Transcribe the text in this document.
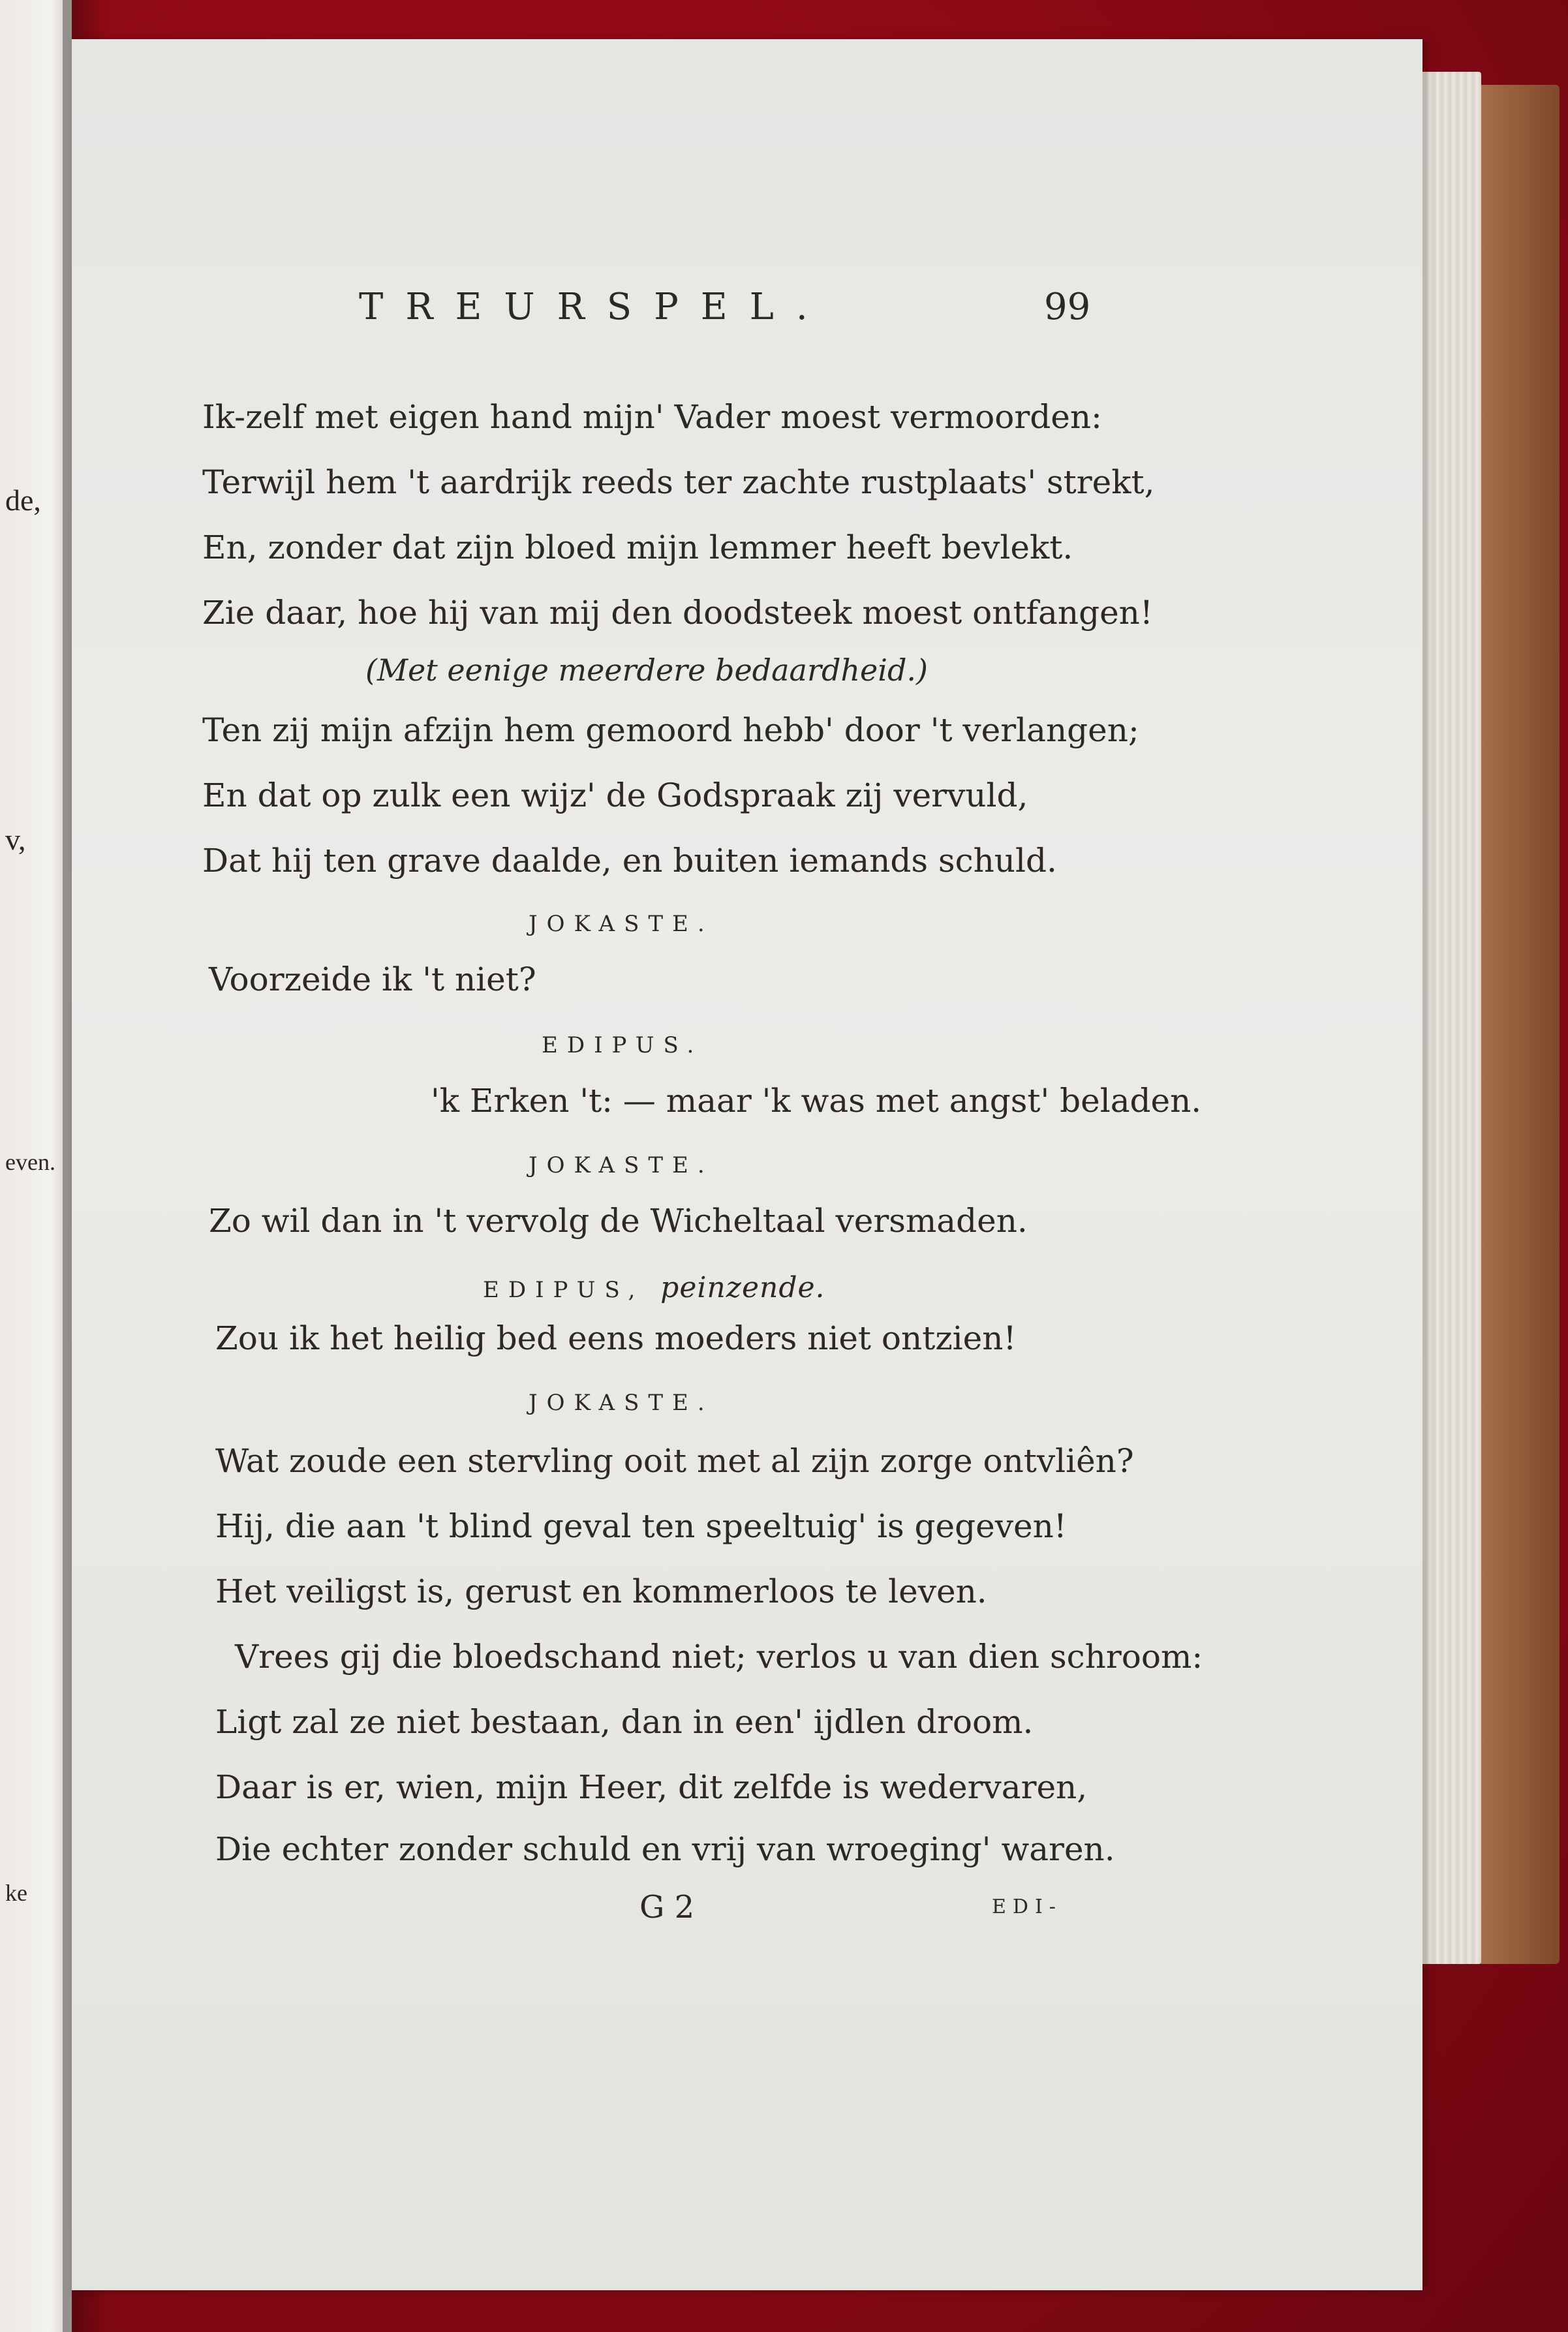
de,
v,
even.
ke
TREURSPEL.	99
Ik-zelf met eigen hand mijn' Vader moest vermoorden:
Terwijl hem 't aardrijk reeds ter zachte rustplaats' strekt,
En, zonder dat zijn bloed mijn lemmer heeft bevlekt.
Zie daar, hoe hij van mij den doodsteek moest ontfangen!
(Met eenige meerdere bedaardheid.)
Ten zij mijn afzijn hem gemoord hebb' door 't verlangen;
En dat op zulk een wijz' de Godspraak zij vervuld,
Dat hij ten grave daalde, en buiten iemands schuld.
JOKASTE.
Voorzeide ik 't niet?
EDIPUS.
'k Erken 't: — maar 'k was met angst' beladen.
JOKASTE.
Zo wil dan in 't vervolg de Wicheltaal versmaden.
EDIPUS, peinzende.
Zou ik het heilig bed eens moeders niet ontzien!
JOKASTE.
Wat zoude een stervling ooit met al zijn zorge ontvliên?
Hij, die aan 't blind geval ten speeltuig' is gegeven!
Het veiligst is, gerust en kommerloos te leven.
Vrees gij die bloedschand niet; verlos u van dien schroom:
Ligt zal ze niet bestaan, dan in een' ijdlen droom.
Daar is er, wien, mijn Heer, dit zelfde is wedervaren,
Die echter zonder schuld en vrij van wroeging' waren.
G 2	EDI-
